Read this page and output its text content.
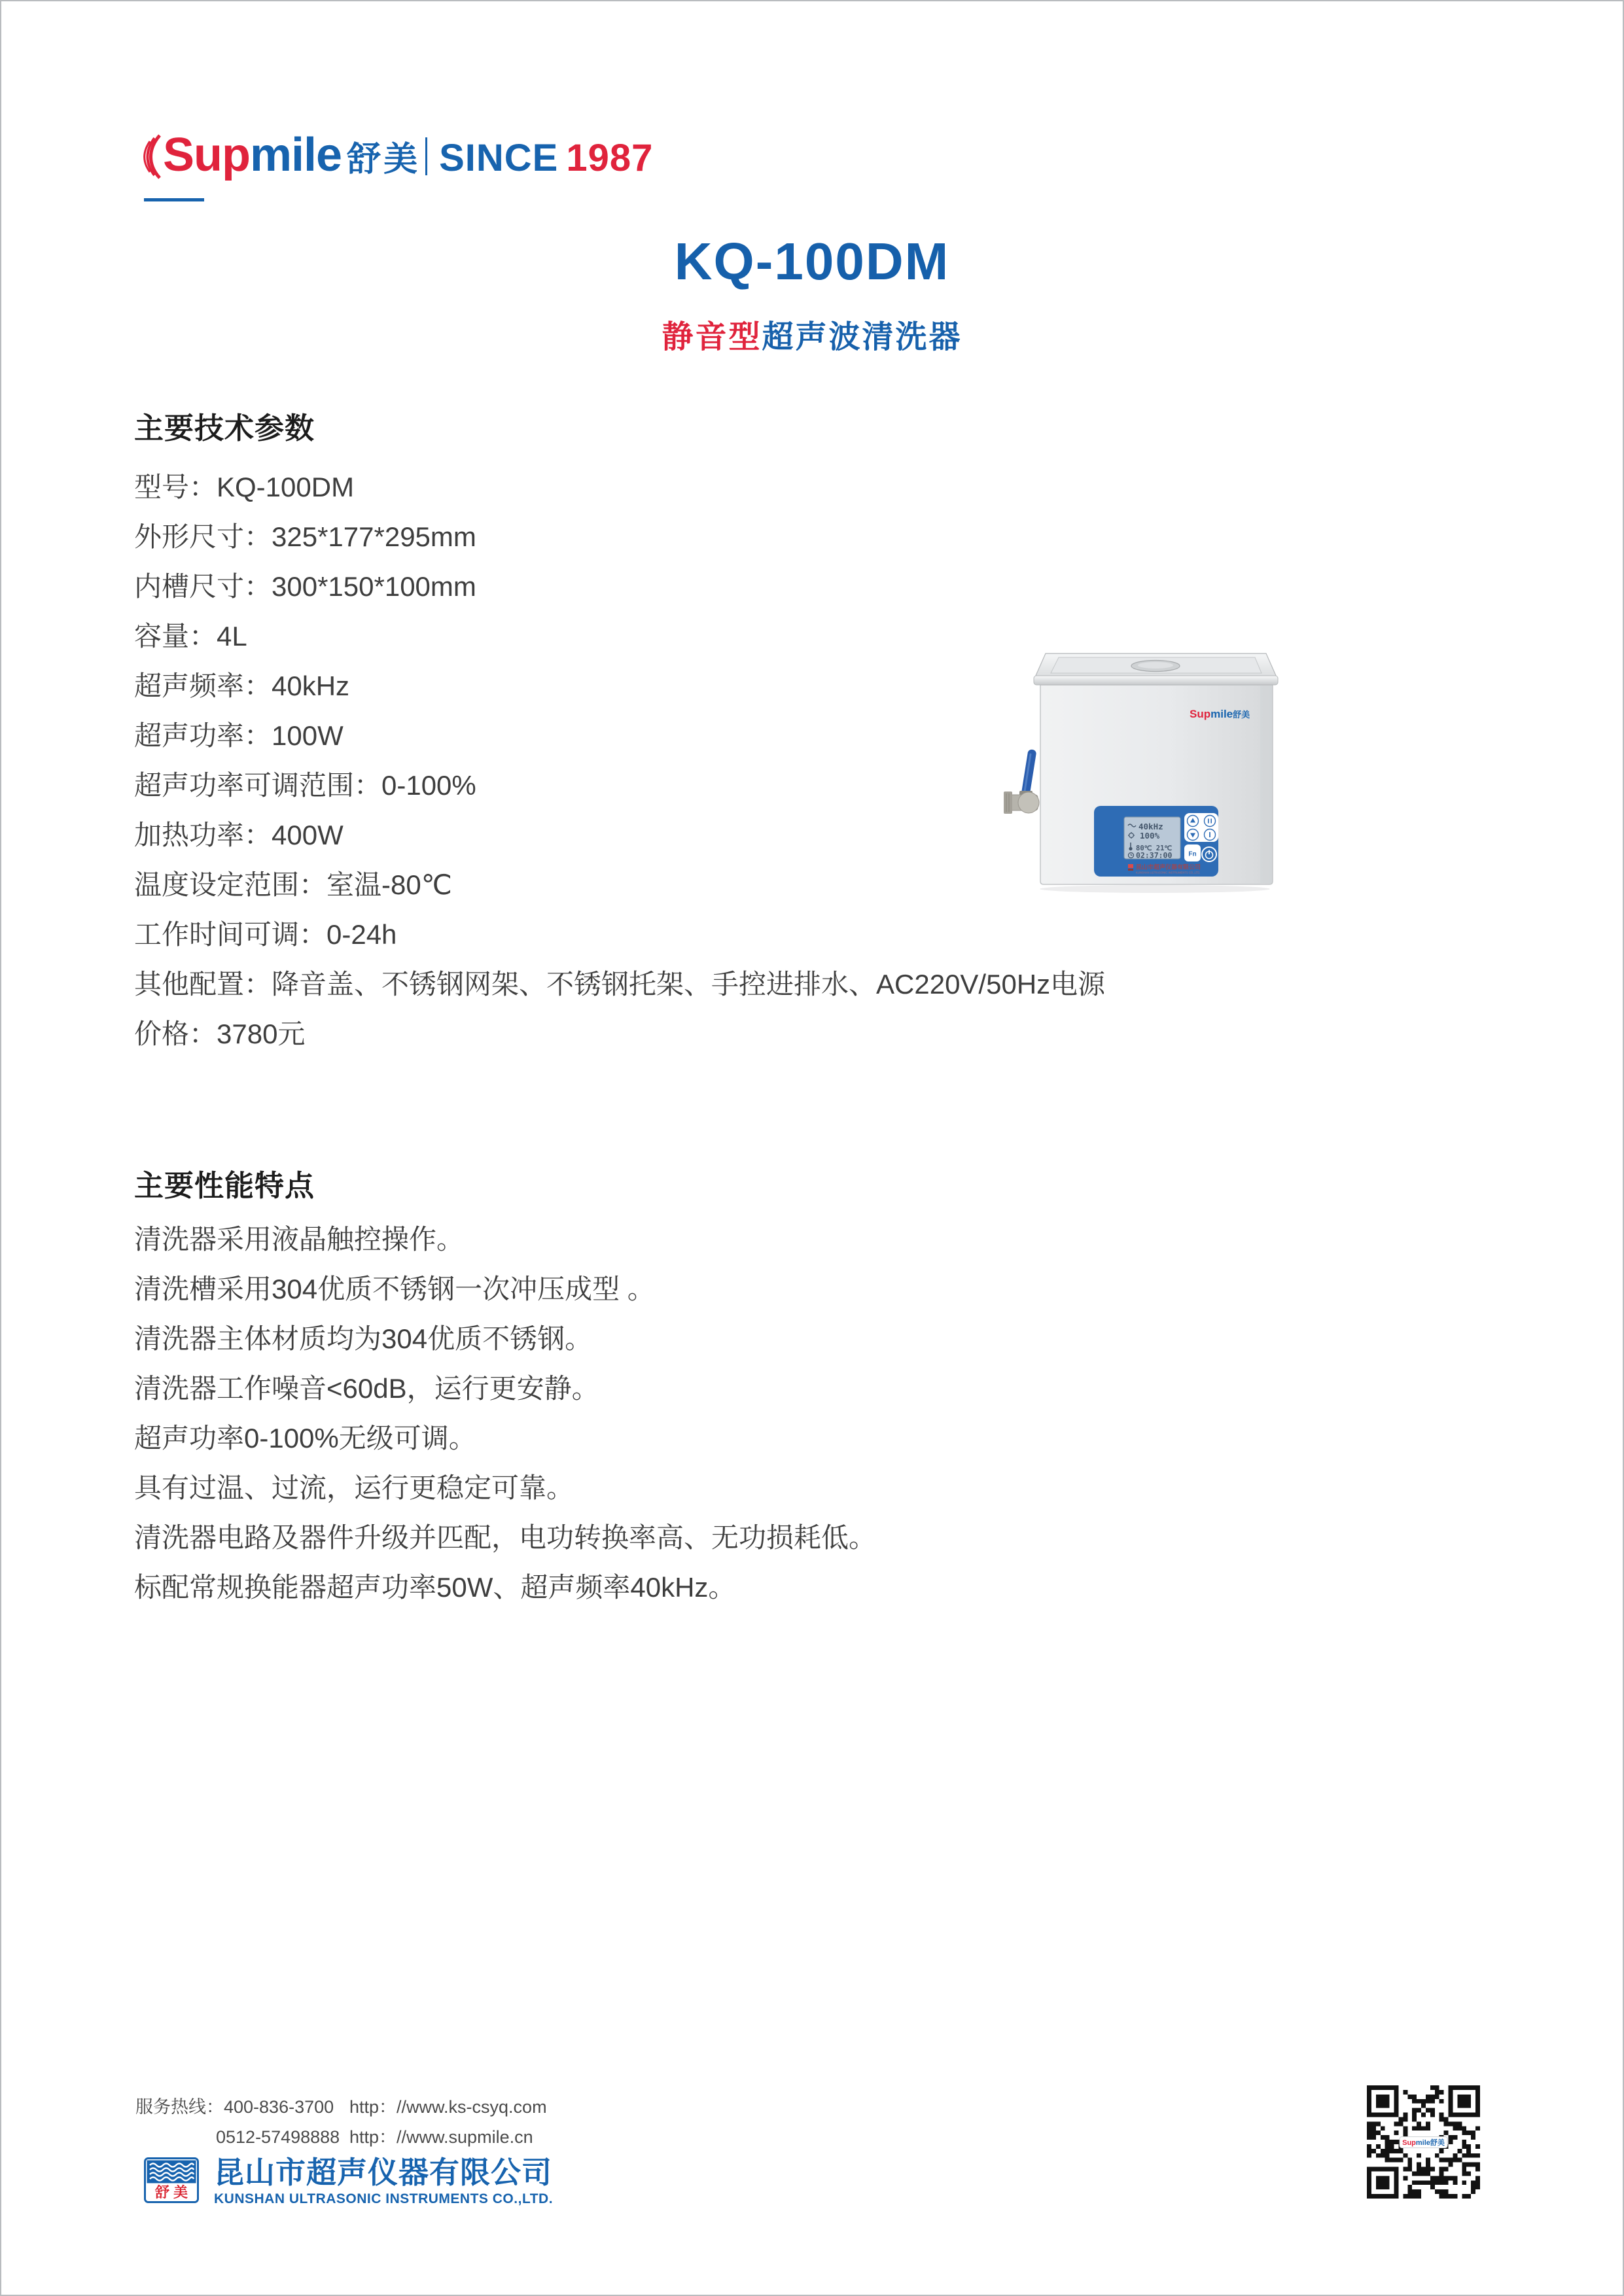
Sup mile 舒美 SINCE 1987
KQ-100DM
静音型超声波清洗器
主要技术参数
型号：KQ-100DM
外形尺寸：325*177*295mm
内槽尺寸：300*150*100mm
容量：4L
超声频率：40kHz
超声功率：100W
超声功率可调范围：0-100%
加热功率：400W
温度设定范围：室温-80℃
工作时间可调：0-24h
其他配置：降音盖、不锈钢网架、不锈钢托架、手控进排水、AC220V/50Hz电源
价格：3780元
Supmile舒美
40kHz
100%
80℃ 21℃
02:37:00	Fn
昆山市超声仪器有限公司
KUNSHAN ULTRASONIC INSTRUMENTS CO.,LTD.
主要性能特点
清洗器采用液晶触控操作。
清洗槽采用304优质不锈钢一次冲压成型 。
清洗器主体材质均为304优质不锈钢。
清洗器工作噪音<60dB，运行更安静。
超声功率0-100%无级可调。
具有过温、过流，运行更稳定可靠。
清洗器电路及器件升级并匹配，电功转换率高、无功损耗低。
标配常规换能器超声功率50W、超声频率40kHz。
服务热线：400-836-3700 http：//www.ks-csyq.com
0512-57498888 http：//www.supmile.cn
舒 美
昆山市超声仪器有限公司
KUNSHAN ULTRASONIC INSTRUMENTS CO.,LTD.
Supmile舒美
